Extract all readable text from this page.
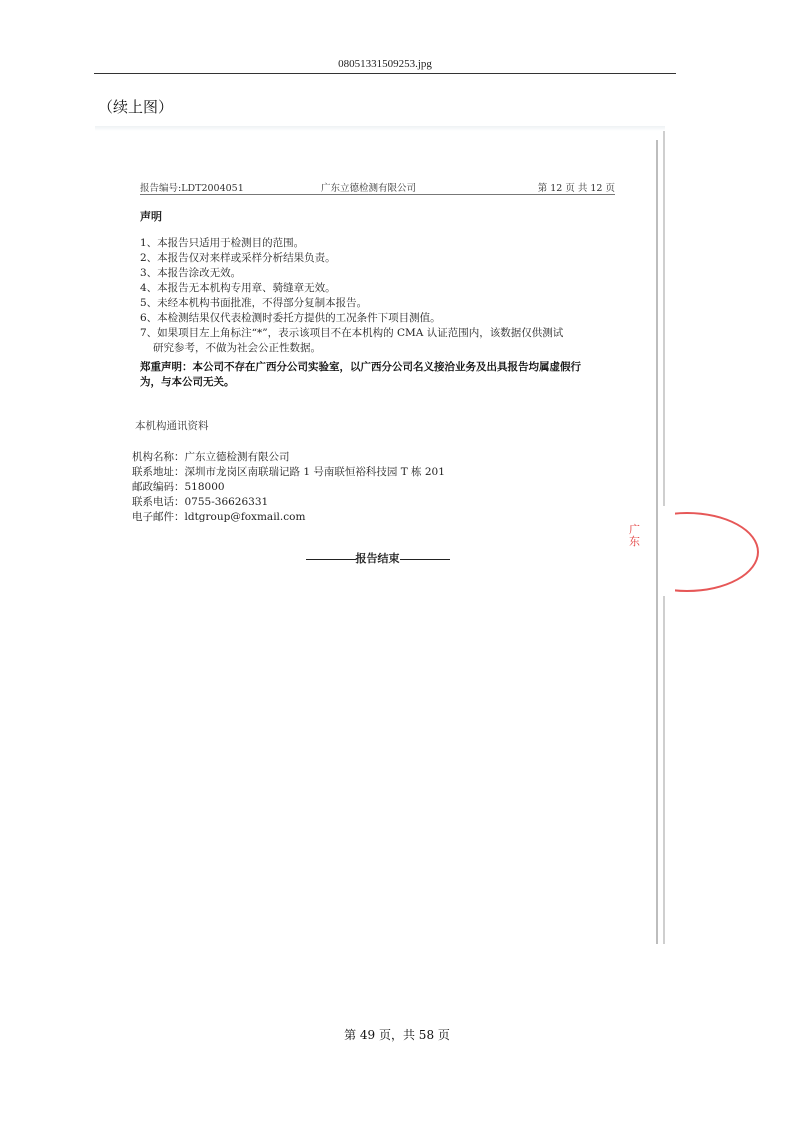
08051331509253.jpg
（续上图）
报告编号:LDT2004051	广东立德检测有限公司	第 12 页 共 12 页
声明
1、本报告只适用于检测目的范围。
2、本报告仅对来样或采样分析结果负责。
3、本报告涂改无效。
4、本报告无本机构专用章、骑缝章无效。
5、未经本机构书面批准，不得部分复制本报告。
6、本检测结果仅代表检测时委托方提供的工况条件下项目测值。
7、如果项目左上角标注“*”，表示该项目不在本机构的 CMA 认证范围内，该数据仅供测试
研究参考，不做为社会公正性数据。
郑重声明：本公司不存在广西分公司实验室，以广西分公司名义接洽业务及出具报告均属虚假行
为，与本公司无关。
本机构通讯资料
机构名称：广东立德检测有限公司
联系地址：深圳市龙岗区南联瑞记路 1 号南联恒裕科技园 T 栋 201
邮政编码：518000
联系电话：0755-36626331
电子邮件：ldtgroup@foxmail.com
报告结束
广东
第 49 页，共 58 页
